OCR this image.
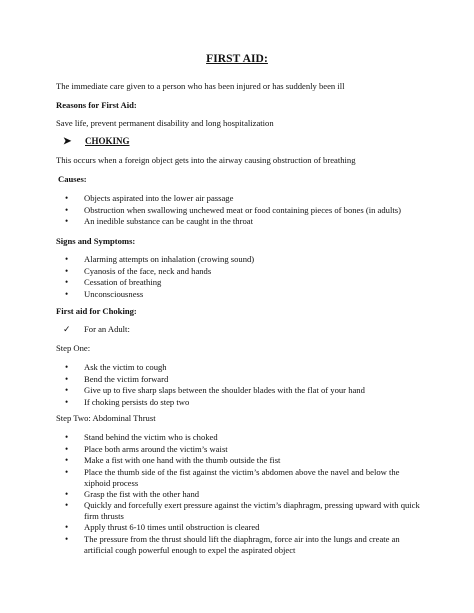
FIRST AID:
The immediate care given to a person who has been injured or has suddenly been ill
Reasons for First Aid:
Save life, prevent permanent disability and long hospitalization
➤	CHOKING
This occurs when a foreign object gets into the airway causing obstruction of breathing
Causes:
• Objects aspirated into the lower air passage
• Obstruction when swallowing unchewed meat or food containing pieces of bones (in adults)
• An inedible substance can be caught in the throat
Signs and Symptoms:
• Alarming attempts on inhalation (crowing sound)
• Cyanosis of the face, neck and hands
• Cessation of breathing
• Unconsciousness
First aid for Choking:
✓	For an Adult:
Step One:
• Ask the victim to cough
• Bend the victim forward
• Give up to five sharp slaps between the shoulder blades with the flat of your hand
• If choking persists do step two
Step Two: Abdominal Thrust
• Stand behind the victim who is choked
• Place both arms around the victim’s waist
• Make a fist with one hand with the thumb outside the fist
• Place the thumb side of the fist against the victim’s abdomen above the navel and below the xiphoid process
• Grasp the fist with the other hand
• Quickly and forcefully exert pressure against the victim’s diaphragm, pressing upward with quick firm thrusts
• Apply thrust 6-10 times until obstruction is cleared
• The pressure from the thrust should lift the diaphragm, force air into the lungs and create an artificial cough powerful enough to expel the aspirated object
